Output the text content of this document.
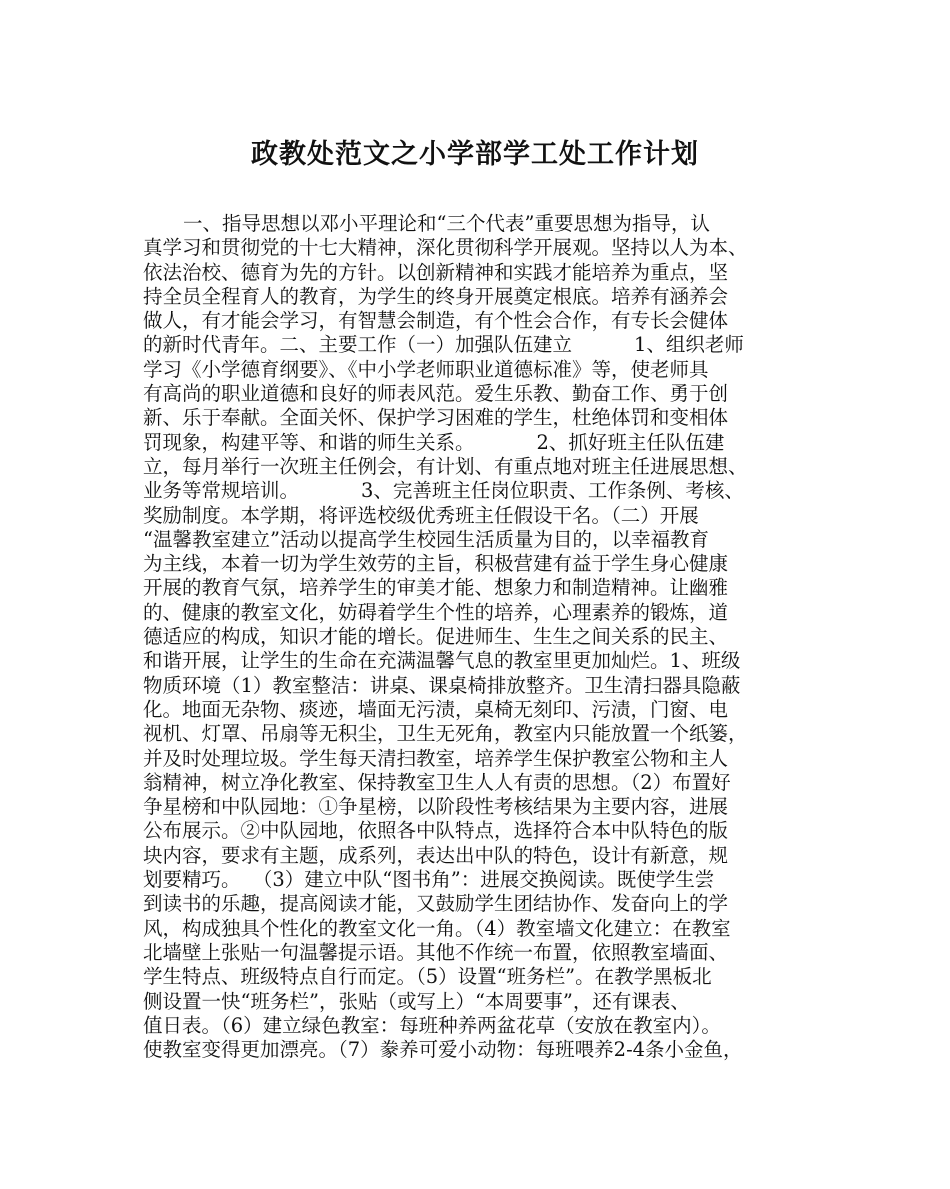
政教处范文之小学部学工处工作计划
一、指导思想以邓小平理论和“三个代表”重要思想为指导，认
真学习和贯彻党的十七大精神，深化贯彻科学开展观。坚持以人为本、
依法治校、德育为先的方针。以创新精神和实践才能培养为重点，坚
持全员全程育人的教育，为学生的终身开展奠定根底。培养有涵养会
做人，有才能会学习，有智慧会制造，有个性会合作，有专长会健体
的新时代青年。二、主要工作（一）加强队伍建立          1、组织老师
学习《小学德育纲要》、《中小学老师职业道德标准》等，使老师具
有高尚的职业道德和良好的师表风范。爱生乐教、勤奋工作、勇于创
新、乐于奉献。全面关怀、保护学习困难的学生，杜绝体罚和变相体
罚现象，构建平等、和谐的师生关系。          2、抓好班主任队伍建
立，每月举行一次班主任例会，有计划、有重点地对班主任进展思想、
业务等常规培训。          3、完善班主任岗位职责、工作条例、考核、
奖励制度。本学期，将评选校级优秀班主任假设干名。（二）开展
“温馨教室建立”活动以提高学生校园生活质量为目的，以幸福教育
为主线，本着一切为学生效劳的主旨，积极营建有益于学生身心健康
开展的教育气氛，培养学生的审美才能、想象力和制造精神。让幽雅
的、健康的教室文化，妨碍着学生个性的培养，心理素养的锻炼，道
德适应的构成，知识才能的增长。促进师生、生生之间关系的民主、
和谐开展，让学生的生命在充满温馨气息的教室里更加灿烂。1、班级
物质环境（1）教室整洁：讲桌、课桌椅排放整齐。卫生清扫器具隐蔽
化。地面无杂物、痰迹，墙面无污渍，桌椅无刻印、污渍，门窗、电
视机、灯罩、吊扇等无积尘，卫生无死角，教室内只能放置一个纸篓，
并及时处理垃圾。学生每天清扫教室，培养学生保护教室公物和主人
翁精神，树立净化教室、保持教室卫生人人有责的思想。（2）布置好
争星榜和中队园地：①争星榜，以阶段性考核结果为主要内容，进展
公布展示。②中队园地，依照各中队特点，选择符合本中队特色的版
块内容，要求有主题，成系列，表达出中队的特色，设计有新意，规
划要精巧。  （3）建立中队“图书角”：进展交换阅读。既使学生尝
到读书的乐趣，提高阅读才能，又鼓励学生团结协作、发奋向上的学
风，构成独具个性化的教室文化一角。（4）教室墙文化建立：在教室
北墙壁上张贴一句温馨提示语。其他不作统一布置，依照教室墙面、
学生特点、班级特点自行而定。（5）设置“班务栏”。在教学黑板北
侧设置一快“班务栏”，张贴（或写上）“本周要事”，还有课表、
值日表。（6）建立绿色教室：每班种养两盆花草（安放在教室内）。
使教室变得更加漂亮。（7）豢养可爱小动物：每班喂养2-4条小金鱼，
